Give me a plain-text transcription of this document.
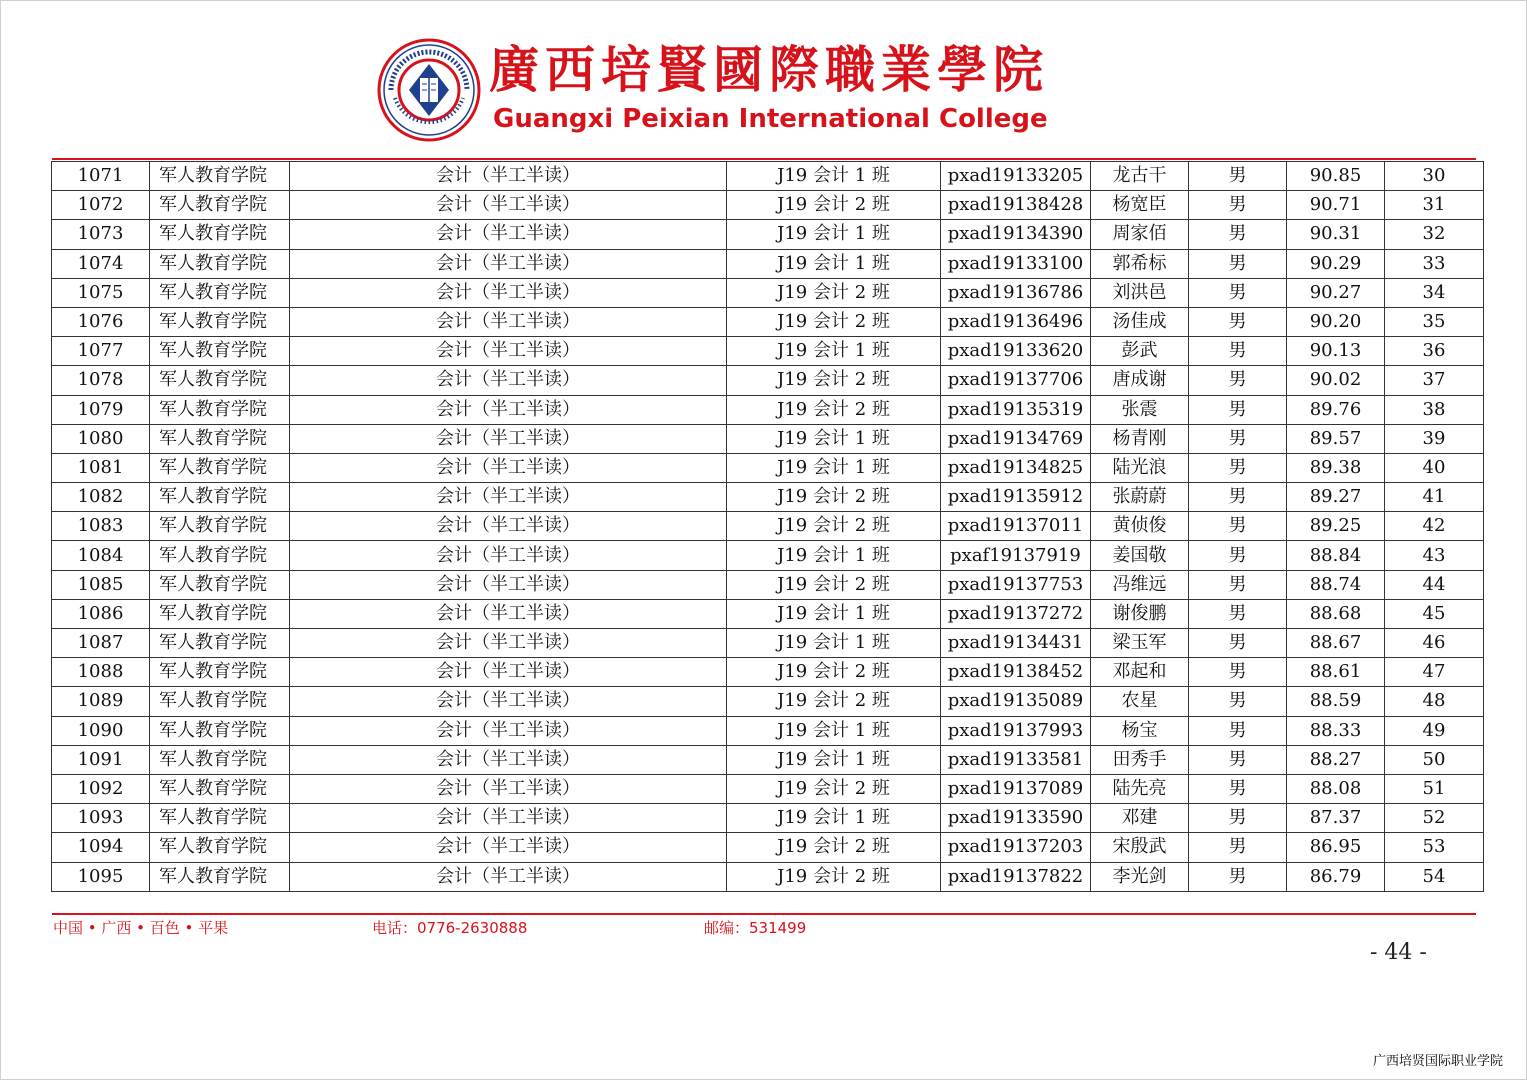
廣西培賢國際職業學院

Guangxi Peixian International College

1071	军人教育学院	会计（半工半读）	J19 会计 1 班	pxad19133205	龙古干	男	90.85	30
1072	军人教育学院	会计（半工半读）	J19 会计 2 班	pxad19138428	杨宽臣	男	90.71	31
1073	军人教育学院	会计（半工半读）	J19 会计 1 班	pxad19134390	周家佰	男	90.31	32
1074	军人教育学院	会计（半工半读）	J19 会计 1 班	pxad19133100	郭希标	男	90.29	33
1075	军人教育学院	会计（半工半读）	J19 会计 2 班	pxad19136786	刘洪邑	男	90.27	34
1076	军人教育学院	会计（半工半读）	J19 会计 2 班	pxad19136496	汤佳成	男	90.20	35
1077	军人教育学院	会计（半工半读）	J19 会计 1 班	pxad19133620	彭武	男	90.13	36
1078	军人教育学院	会计（半工半读）	J19 会计 2 班	pxad19137706	唐成谢	男	90.02	37
1079	军人教育学院	会计（半工半读）	J19 会计 2 班	pxad19135319	张震	男	89.76	38
1080	军人教育学院	会计（半工半读）	J19 会计 1 班	pxad19134769	杨青刚	男	89.57	39
1081	军人教育学院	会计（半工半读）	J19 会计 1 班	pxad19134825	陆光浪	男	89.38	40
1082	军人教育学院	会计（半工半读）	J19 会计 2 班	pxad19135912	张蔚蔚	男	89.27	41
1083	军人教育学院	会计（半工半读）	J19 会计 2 班	pxad19137011	黄侦俊	男	89.25	42
1084	军人教育学院	会计（半工半读）	J19 会计 1 班	pxaf19137919	姜国敬	男	88.84	43
1085	军人教育学院	会计（半工半读）	J19 会计 2 班	pxad19137753	冯维远	男	88.74	44
1086	军人教育学院	会计（半工半读）	J19 会计 1 班	pxad19137272	谢俊鹏	男	88.68	45
1087	军人教育学院	会计（半工半读）	J19 会计 1 班	pxad19134431	梁玉军	男	88.67	46
1088	军人教育学院	会计（半工半读）	J19 会计 2 班	pxad19138452	邓起和	男	88.61	47
1089	军人教育学院	会计（半工半读）	J19 会计 2 班	pxad19135089	农星	男	88.59	48
1090	军人教育学院	会计（半工半读）	J19 会计 1 班	pxad19137993	杨宝	男	88.33	49
1091	军人教育学院	会计（半工半读）	J19 会计 1 班	pxad19133581	田秀手	男	88.27	50
1092	军人教育学院	会计（半工半读）	J19 会计 2 班	pxad19137089	陆先亮	男	88.08	51
1093	军人教育学院	会计（半工半读）	J19 会计 1 班	pxad19133590	邓建	男	87.37	52
1094	军人教育学院	会计（半工半读）	J19 会计 2 班	pxad19137203	宋殷武	男	86.95	53
1095	军人教育学院	会计（半工半读）	J19 会计 2 班	pxad19137822	李光剑	男	86.79	54
中国 • 广西 • 百色 • 平果	电话：0776-2630888	邮编：531499
- 44 -
广西培贤国际职业学院
